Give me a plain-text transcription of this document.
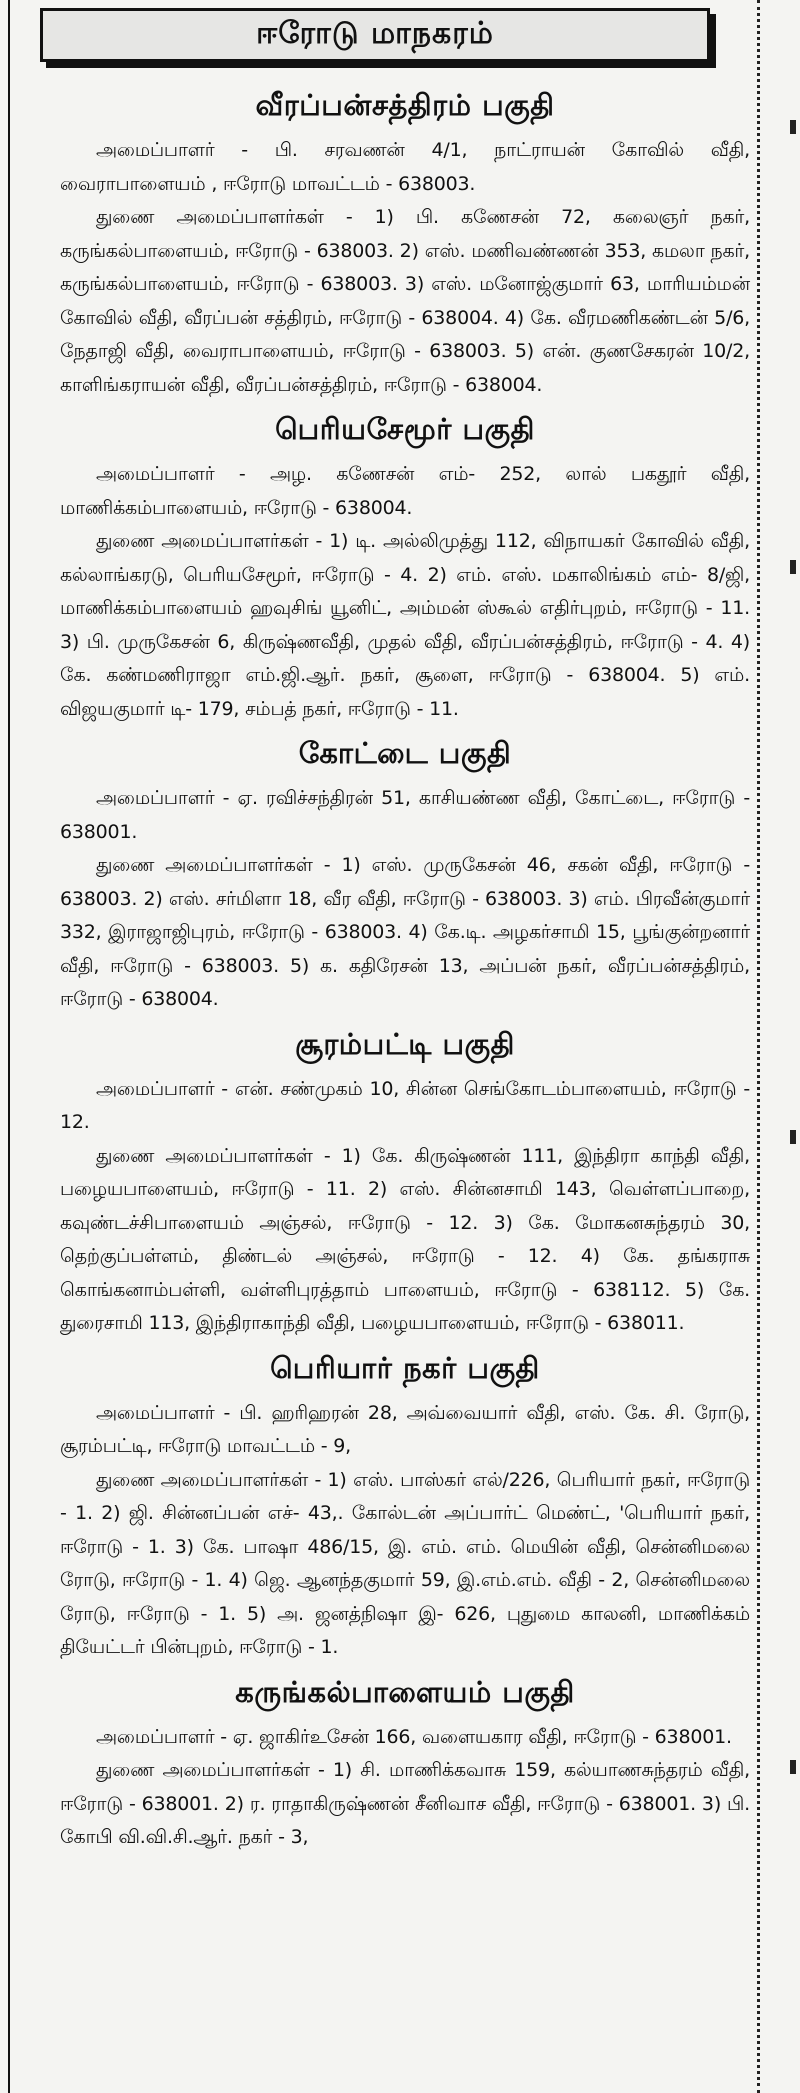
ஈரோடு மாநகரம்
வீரப்பன்சத்திரம் பகுதி

அமைப்பாளர் - பி. சரவணன் 4/1, நாட்ராயன் கோவில் வீதி, வைராபாளையம் , ஈரோடு மாவட்டம் - 638003.

துணை அமைப்பாளர்கள் - 1) பி. கணேசன் 72, கலைஞர் நகர், கருங்கல்பாளையம், ஈரோடு - 638003. 2) எஸ். மணிவண்ணன் 353, கமலா நகர், கருங்கல்பாளையம், ஈரோடு - 638003. 3) எஸ். மனோஜ்குமார் 63, மாரியம்மன் கோவில் வீதி, வீரப்பன் சத்திரம், ஈரோடு - 638004. 4) கே. வீரமணிகண்டன் 5/6, நேதாஜி வீதி, வைராபாளையம், ஈரோடு - 638003. 5) என். குணசேகரன் 10/2, காளிங்கராயன் வீதி, வீரப்பன்சத்திரம், ஈரோடு - 638004.

பெரியசேமூர் பகுதி

அமைப்பாளர் - அழ. கணேசன் எம்- 252, லால் பகதூர் வீதி, மாணிக்கம்பாளையம், ஈரோடு - 638004.

துணை அமைப்பாளர்கள் - 1) டி. அல்லிமுத்து 112, விநாயகர் கோவில் வீதி, கல்லாங்கரடு, பெரியசேமூர், ஈரோடு - 4. 2) எம். எஸ். மகாலிங்கம் எம்- 8/ஜி, மாணிக்கம்பாளையம் ஹவுசிங் யூனிட், அம்மன் ஸ்கூல் எதிர்புறம், ஈரோடு - 11. 3) பி. முருகேசன் 6, கிருஷ்ணவீதி, முதல் வீதி, வீரப்பன்சத்திரம், ஈரோடு - 4. 4) கே. கண்மணிராஜா எம்.ஜி.ஆர். நகர், சூளை, ஈரோடு - 638004. 5) எம். விஜயகுமார் டி- 179, சம்பத் நகர், ஈரோடு - 11.

கோட்டை பகுதி

அமைப்பாளர் - ஏ. ரவிச்சந்திரன் 51, காசியண்ண வீதி, கோட்டை, ஈரோடு - 638001.

துணை அமைப்பாளர்கள் - 1) எஸ். முருகேசன் 46, சகன் வீதி, ஈரோடு - 638003. 2) எஸ். சர்மிளா 18, வீர வீதி, ஈரோடு - 638003. 3) எம். பிரவீன்குமார் 332, இராஜாஜிபுரம், ஈரோடு - 638003. 4) கே.டி. அழகர்சாமி 15, பூங்குன்றனார் வீதி, ஈரோடு - 638003. 5) க. கதிரேசன் 13, அப்பன் நகர், வீரப்பன்சத்திரம், ஈரோடு - 638004.

சூரம்பட்டி பகுதி

அமைப்பாளர் - என். சண்முகம் 10, சின்ன செங்கோடம்பாளையம், ஈரோடு - 12.

துணை அமைப்பாளர்கள் - 1) கே. கிருஷ்ணன் 111, இந்திரா காந்தி வீதி, பழையபாளையம், ஈரோடு - 11. 2) எஸ். சின்னசாமி 143, வெள்ளப்பாறை, கவுண்டச்சிபாளையம் அஞ்சல், ஈரோடு - 12. 3) கே. மோகனசுந்தரம் 30, தெற்குப்பள்ளம், திண்டல் அஞ்சல், ஈரோடு - 12. 4) கே. தங்கராசு கொங்கனாம்பள்ளி, வள்ளிபுரத்தாம் பாளையம், ஈரோடு - 638112. 5) கே. துரைசாமி 113, இந்திராகாந்தி வீதி, பழையபாளையம், ஈரோடு - 638011.

பெரியார் நகர் பகுதி

அமைப்பாளர் - பி. ஹரிஹரன் 28, அவ்வையார் வீதி, எஸ். கே. சி. ரோடு, சூரம்பட்டி, ஈரோடு மாவட்டம் - 9,

துணை அமைப்பாளர்கள் - 1) எஸ். பாஸ்கர் எல்/226, பெரியார் நகர், ஈரோடு - 1. 2) ஜி. சின்னப்பன் எச்- 43,. கோல்டன் அப்பார்ட் மெண்ட், 'பெரியார் நகர், ஈரோடு - 1. 3) கே. பாஷா 486/15, இ. எம். எம். மெயின் வீதி, சென்னிமலை ரோடு, ஈரோடு - 1. 4) ஜெ. ஆனந்தகுமார் 59, இ.எம்.எம். வீதி - 2, சென்னிமலை ரோடு, ஈரோடு - 1. 5) அ. ஜனத்நிஷா இ- 626, புதுமை காலனி, மாணிக்கம் தியேட்டர் பின்புறம், ஈரோடு - 1.

கருங்கல்பாளையம் பகுதி

அமைப்பாளர் - ஏ. ஜாகிர்உசேன் 166, வளையகார வீதி, ஈரோடு - 638001.

துணை அமைப்பாளர்கள் - 1) சி. மாணிக்கவாசு 159, கல்யாணசுந்தரம் வீதி, ஈரோடு - 638001. 2) ர. ராதாகிருஷ்ணன் சீனிவாச வீதி, ஈரோடு - 638001. 3) பி. கோபி வி.வி.சி.ஆர். நகர் - 3,
